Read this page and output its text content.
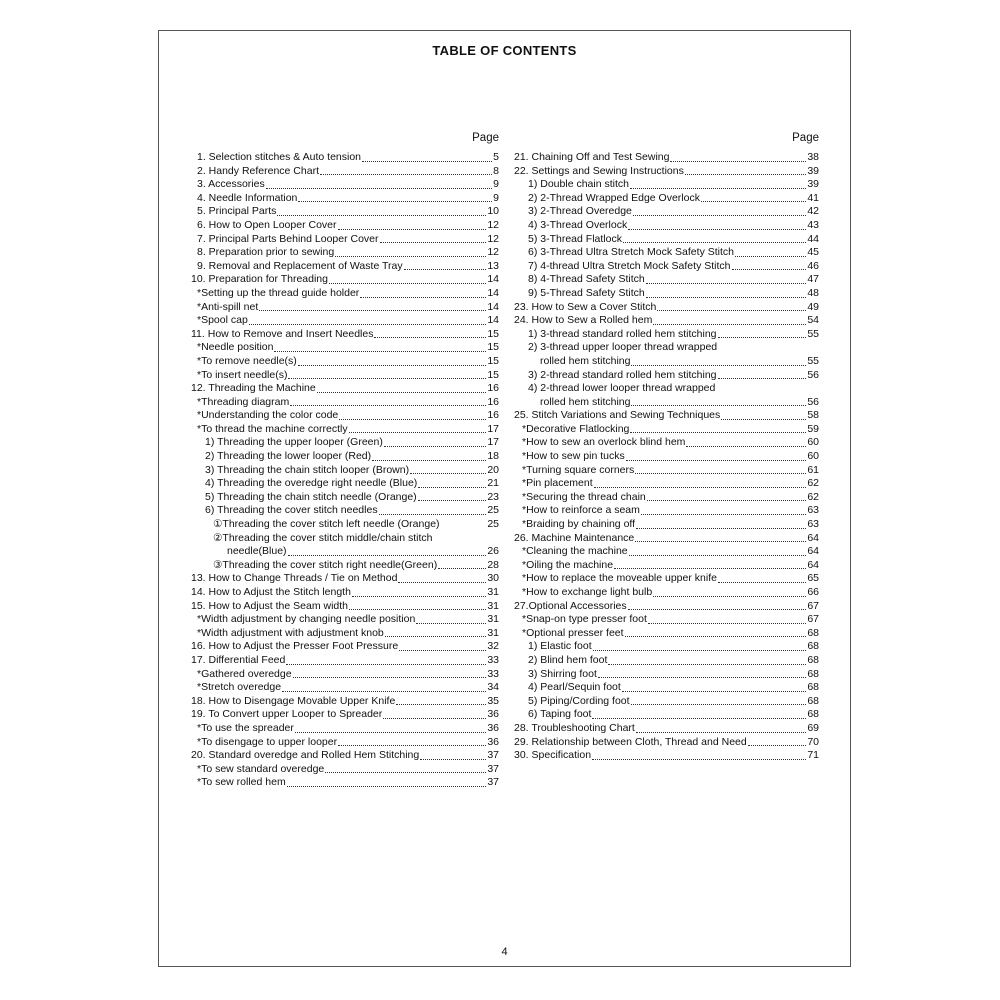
TABLE OF CONTENTS
Page
1. Selection stitches & Auto tension	5
2. Handy Reference Chart	8
3. Accessories	9
4. Needle Information	9
5. Principal Parts	10
6. How to Open Looper Cover	12
7. Principal Parts Behind Looper Cover	12
8. Preparation prior to sewing	12
9. Removal and Replacement of Waste Tray	13
10. Preparation for Threading	14
*Setting up the thread guide holder	14
*Anti-spill net	14
*Spool cap	14
11. How to Remove and Insert Needles	15
*Needle position	15
*To remove needle(s)	15
*To insert needle(s)	15
12. Threading the Machine	16
*Threading diagram	16
*Understanding the color code	16
*To thread the machine correctly	17
1) Threading the upper looper (Green)	17
2) Threading the lower looper (Red)	18
3) Threading the chain stitch looper (Brown)	20
4) Threading the overedge right needle (Blue)	21
5) Threading the chain stitch needle (Orange)	23
6) Threading the cover stitch needles	25
①Threading the cover stitch left needle (Orange)	25
②Threading the cover stitch middle/chain stitch
needle(Blue)	26
③Threading the cover stitch right needle(Green)	28
13. How to Change Threads / Tie on Method	30
14. How to Adjust the Stitch length	31
15. How to Adjust the Seam width	31
*Width adjustment by changing needle position	31
*Width adjustment with adjustment knob	31
16. How to Adjust the Presser Foot Pressure	32
17. Differential Feed	33
*Gathered overedge	33
*Stretch overedge	34
18. How to Disengage Movable Upper Knife	35
19. To Convert upper Looper to Spreader	36
*To use the spreader	36
*To disengage to upper looper	36
20. Standard overedge and Rolled Hem Stitching	37
*To sew standard overedge	37
*To sew rolled hem	37
Page
21. Chaining Off and Test Sewing	38
22. Settings and Sewing Instructions	39
1) Double chain stitch	39
2) 2-Thread Wrapped Edge Overlock	41
3) 2-Thread Overedge	42
4) 3-Thread Overlock	43
5) 3-Thread Flatlock	44
6) 3-Thread Ultra Stretch Mock Safety Stitch	45
7) 4-thread Ultra Stretch Mock Safety Stitch	46
8) 4-Thread Safety Stitch	47
9) 5-Thread Safety Stitch	48
23. How to Sew a Cover Stitch	49
24. How to Sew a Rolled hem	54
1) 3-thread standard rolled hem stitching	55
2) 3-thread upper looper thread wrapped
rolled hem stitching	55
3) 2-thread standard rolled hem stitching	56
4) 2-thread lower looper thread wrapped
rolled hem stitching	56
25. Stitch Variations and Sewing Techniques	58
*Decorative Flatlocking	59
*How to sew an overlock blind hem	60
*How to sew pin tucks	60
*Turning square corners	61
*Pin placement	62
*Securing the thread chain	62
*How to reinforce a seam	63
*Braiding by chaining off	63
26. Machine Maintenance	64
*Cleaning the machine	64
*Oiling the machine	64
*How to replace the moveable upper knife	65
*How to exchange light bulb	66
27.Optional Accessories	67
*Snap-on type presser foot	67
*Optional presser feet	68
1) Elastic foot	68
2) Blind hem foot	68
3) Shirring foot	68
4) Pearl/Sequin foot	68
5) Piping/Cording foot	68
6) Taping foot	68
28. Troubleshooting Chart	69
29. Relationship between Cloth, Thread and Need	70
30. Specification	71
4
